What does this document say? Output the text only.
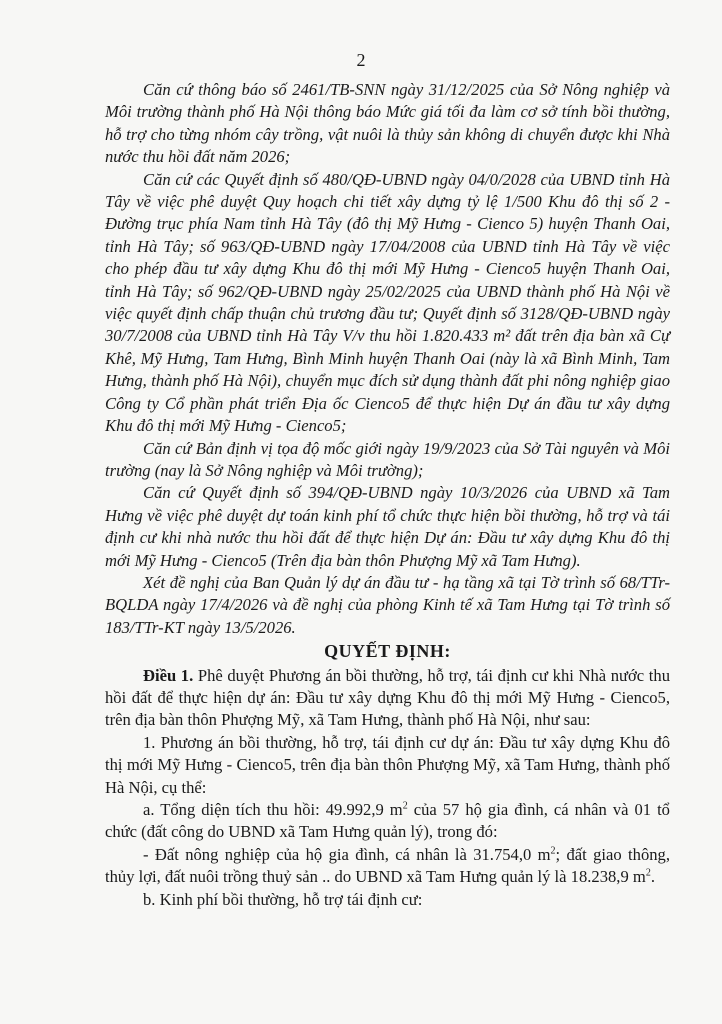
2

Căn cứ thông báo số 2461/TB-SNN ngày 31/12/2025 của Sở Nông nghiệp và Môi trường thành phố Hà Nội thông báo Mức giá tối đa làm cơ sở tính bồi thường, hỗ trợ cho từng nhóm cây trồng, vật nuôi là thủy sản không di chuyển được khi Nhà nước thu hồi đất năm 2026;

Căn cứ các Quyết định số 480/QĐ-UBND ngày 04/0/2028 của UBND tỉnh Hà Tây về việc phê duyệt Quy hoạch chi tiết xây dựng tỷ lệ 1/500 Khu đô thị số 2 - Đường trục phía Nam tỉnh Hà Tây (đô thị Mỹ Hưng - Cienco 5) huyện Thanh Oai, tỉnh Hà Tây; số 963/QĐ-UBND ngày 17/04/2008 của UBND tỉnh Hà Tây về việc cho phép đầu tư xây dựng Khu đô thị mới Mỹ Hưng - Cienco5 huyện Thanh Oai, tỉnh Hà Tây; số 962/QĐ-UBND ngày 25/02/2025 của UBND thành phố Hà Nội về việc quyết định chấp thuận chủ trương đầu tư; Quyết định số 3128/QĐ-UBND ngày 30/7/2008 của UBND tỉnh Hà Tây V/v thu hồi 1.820.433 m² đất trên địa bàn xã Cự Khê, Mỹ Hưng, Tam Hưng, Bình Minh huyện Thanh Oai (này là xã Bình Minh, Tam Hưng, thành phố Hà Nội), chuyển mục đích sử dụng thành đất phi nông nghiệp giao Công ty Cổ phần phát triển Địa ốc Cienco5 để thực hiện Dự án đầu tư xây dựng Khu đô thị mới Mỹ Hưng - Cienco5;

Căn cứ Bản định vị tọa độ mốc giới ngày 19/9/2023 của Sở Tài nguyên và Môi trường (nay là Sở Nông nghiệp và Môi trường);

Căn cứ Quyết định số 394/QĐ-UBND ngày 10/3/2026 của UBND xã Tam Hưng về việc phê duyệt dự toán kinh phí tổ chức thực hiện bồi thường, hỗ trợ và tái định cư khi nhà nước thu hồi đất để thực hiện Dự án: Đầu tư xây dựng Khu đô thị mới Mỹ Hưng - Cienco5 (Trên địa bàn thôn Phượng Mỹ xã Tam Hưng).

Xét đề nghị của Ban Quản lý dự án đầu tư - hạ tầng xã tại Tờ trình số 68/TTr-BQLDA ngày 17/4/2026 và đề nghị của phòng Kinh tế xã Tam Hưng tại Tờ trình số 183/TTr-KT ngày 13/5/2026.

QUYẾT ĐỊNH:

Điều 1. Phê duyệt Phương án bồi thường, hỗ trợ, tái định cư khi Nhà nước thu hồi đất để thực hiện dự án: Đầu tư xây dựng Khu đô thị mới Mỹ Hưng - Cienco5, trên địa bàn thôn Phượng Mỹ, xã Tam Hưng, thành phố Hà Nội, như sau:

1. Phương án bồi thường, hỗ trợ, tái định cư dự án: Đầu tư xây dựng Khu đô thị mới Mỹ Hưng - Cienco5, trên địa bàn thôn Phượng Mỹ, xã Tam Hưng, thành phố Hà Nội, cụ thể:

a. Tổng diện tích thu hồi: 49.992,9 $m^2$ của 57 hộ gia đình, cá nhân và 01 tổ chức (đất công do UBND xã Tam Hưng quản lý), trong đó:

- Đất nông nghiệp của hộ gia đình, cá nhân là 31.754,0 $m^2$; đất giao thông, thủy lợi, đất nuôi trồng thuỷ sản .. do UBND xã Tam Hưng quản lý là 18.238,9 $m^2$.

b. Kinh phí bồi thường, hỗ trợ tái định cư:
